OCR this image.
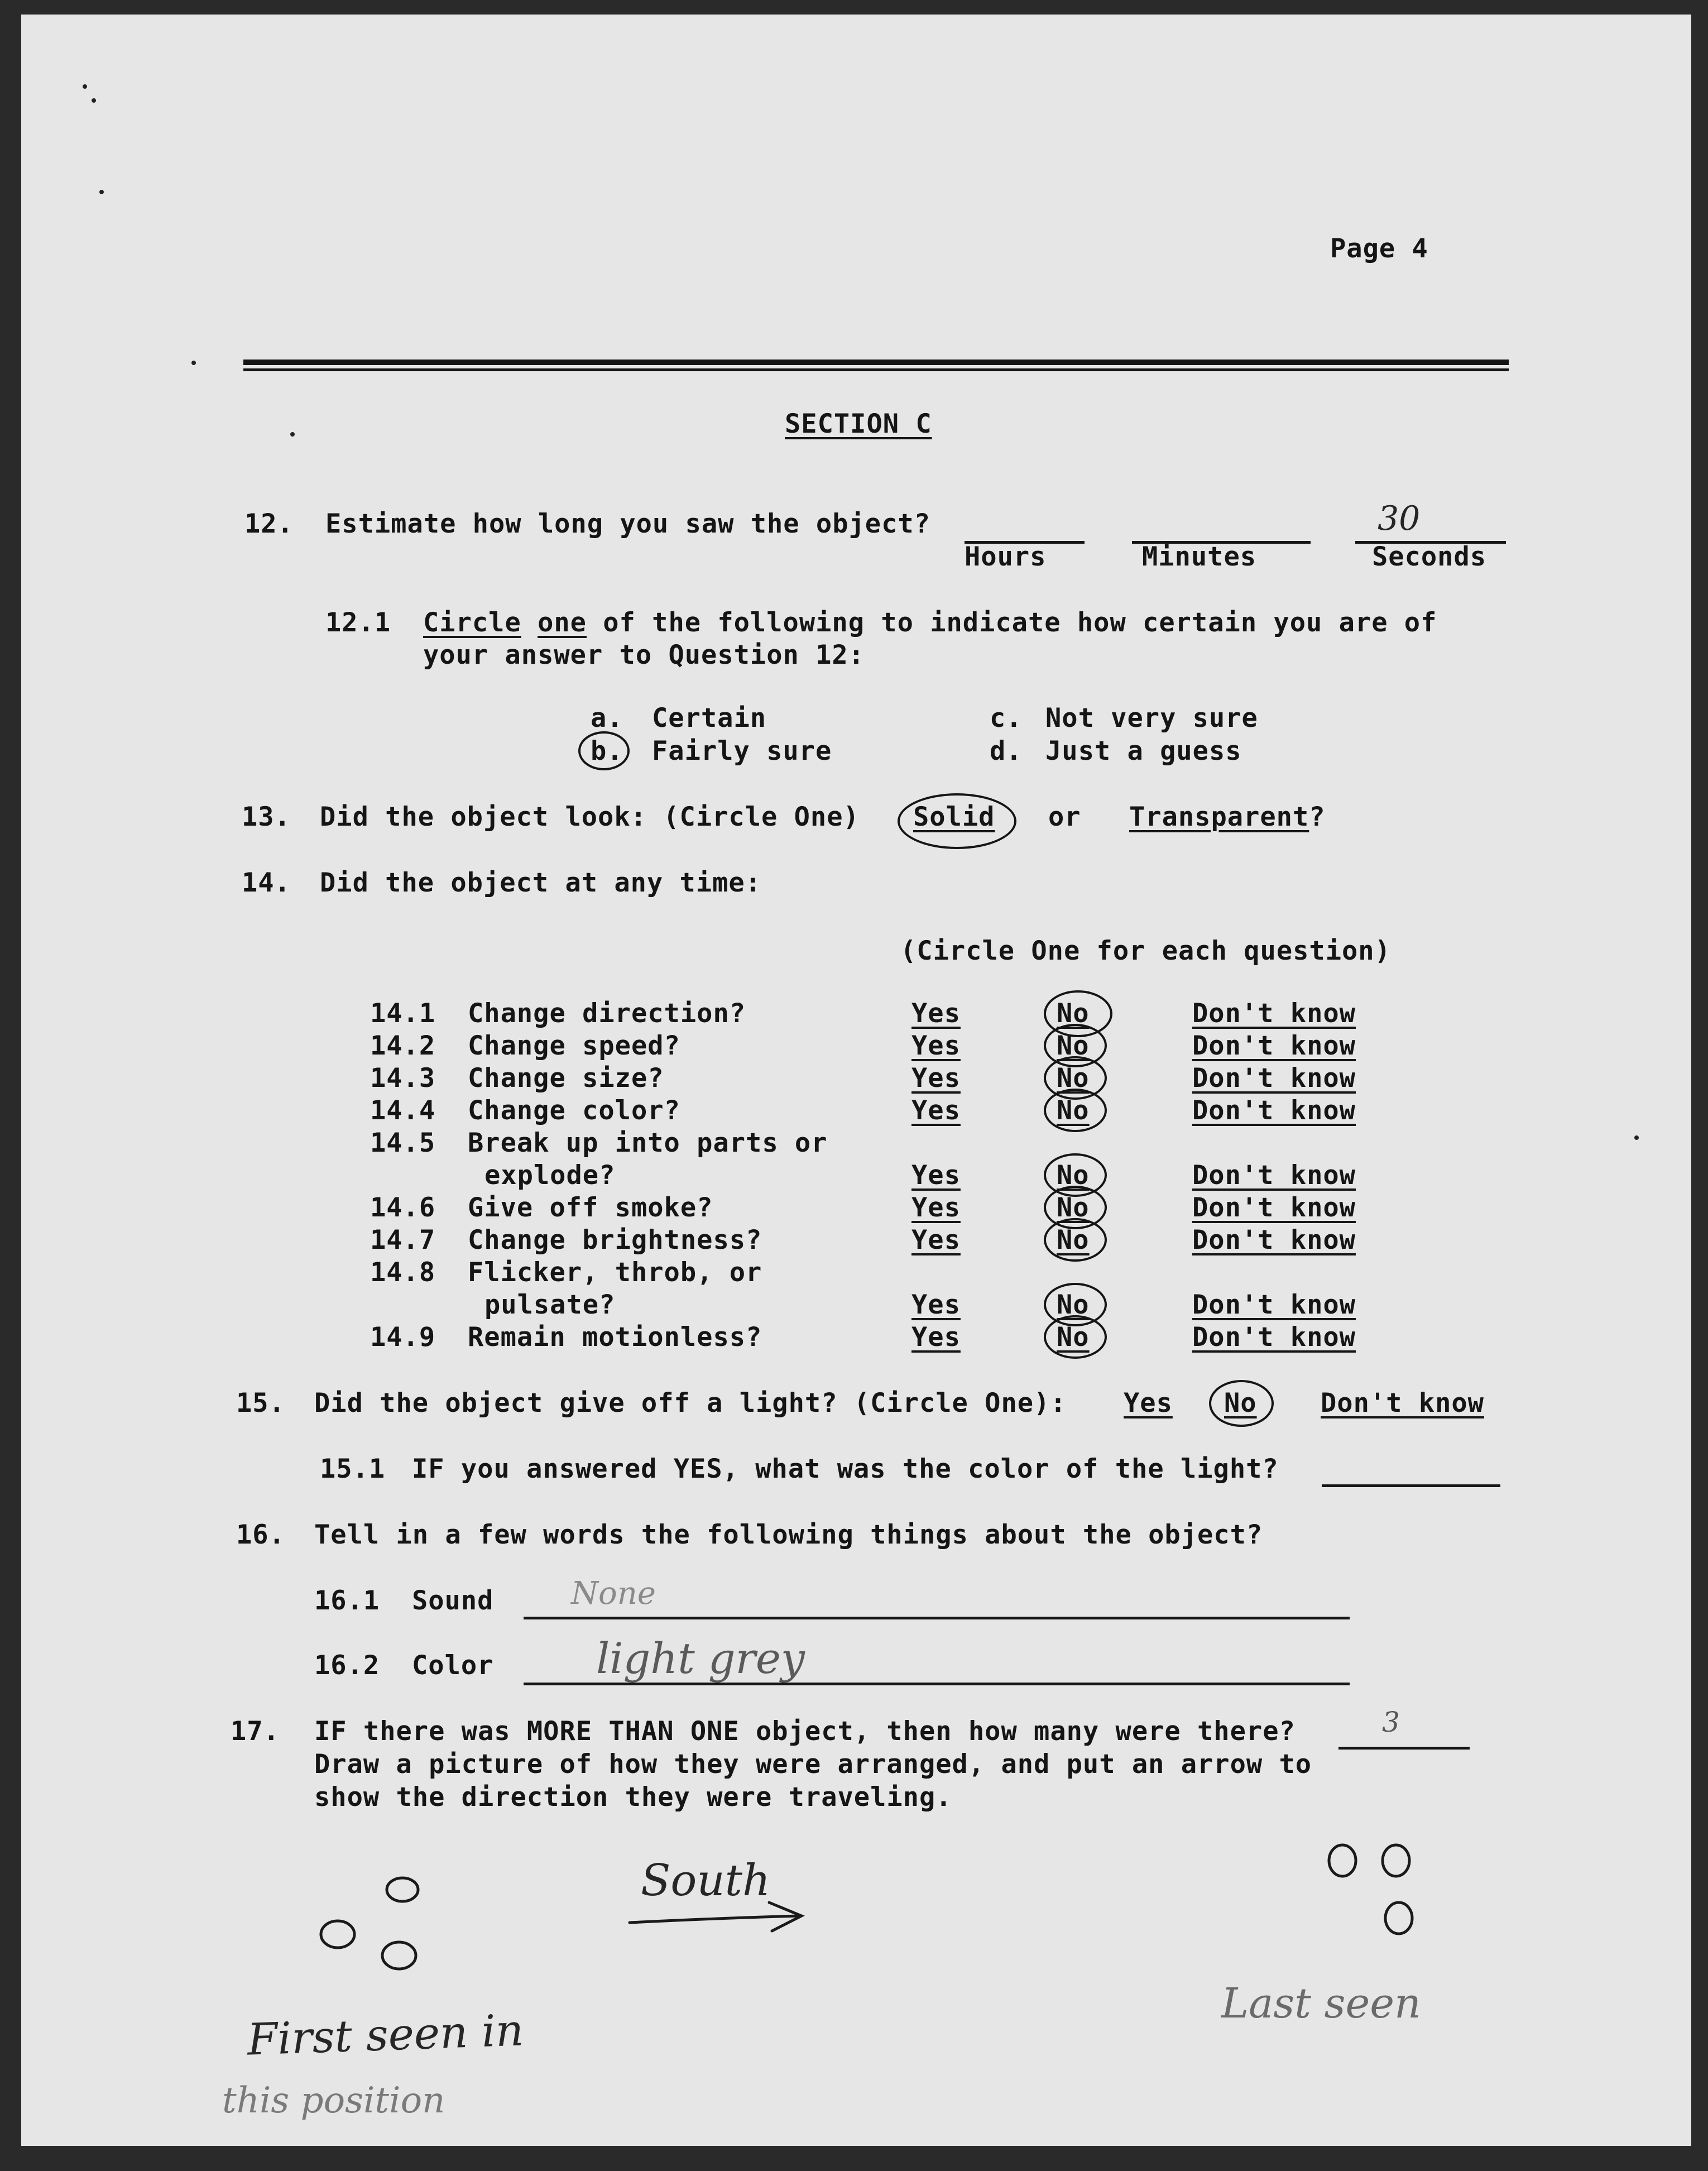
Page 4
SECTION C
12. Estimate how long you saw the object?	30
Hours	Minutes	Seconds
12.1 Circle one of the following to indicate how certain you are of
your answer to Question 12:
a. Certain
b. Fairly sure
c. Not very sure
d. Just a guess
13. Did the object look: (Circle One) Solid or Transparent?
14. Did the object at any time:
(Circle One for each question)
14.1 Change direction?	Yes	No	Don't know
14.2 Change speed?	Yes	No	Don't know
14.3 Change size?	Yes	No	Don't know
14.4 Change color?	Yes	No	Don't know
14.5 Break up into parts or
explode?	Yes	No	Don't know
14.6 Give off smoke?	Yes	No	Don't know
14.7 Change brightness?	Yes	No	Don't know
14.8 Flicker, throb, or
pulsate?	Yes	No	Don't know
14.9 Remain motionless?	Yes	No	Don't know
15. Did the object give off a light? (Circle One): Yes No Don't know
15.1 IF you answered YES, what was the color of the light?
16. Tell in a few words the following things about the object?
16.1 Sound None
16.2 Color light grey
17. IF there was MORE THAN ONE object, then how many were there?	3
Draw a picture of how they were arranged, and put an arrow to
show the direction they were traveling.
South
First seen in
this position
Last seen
